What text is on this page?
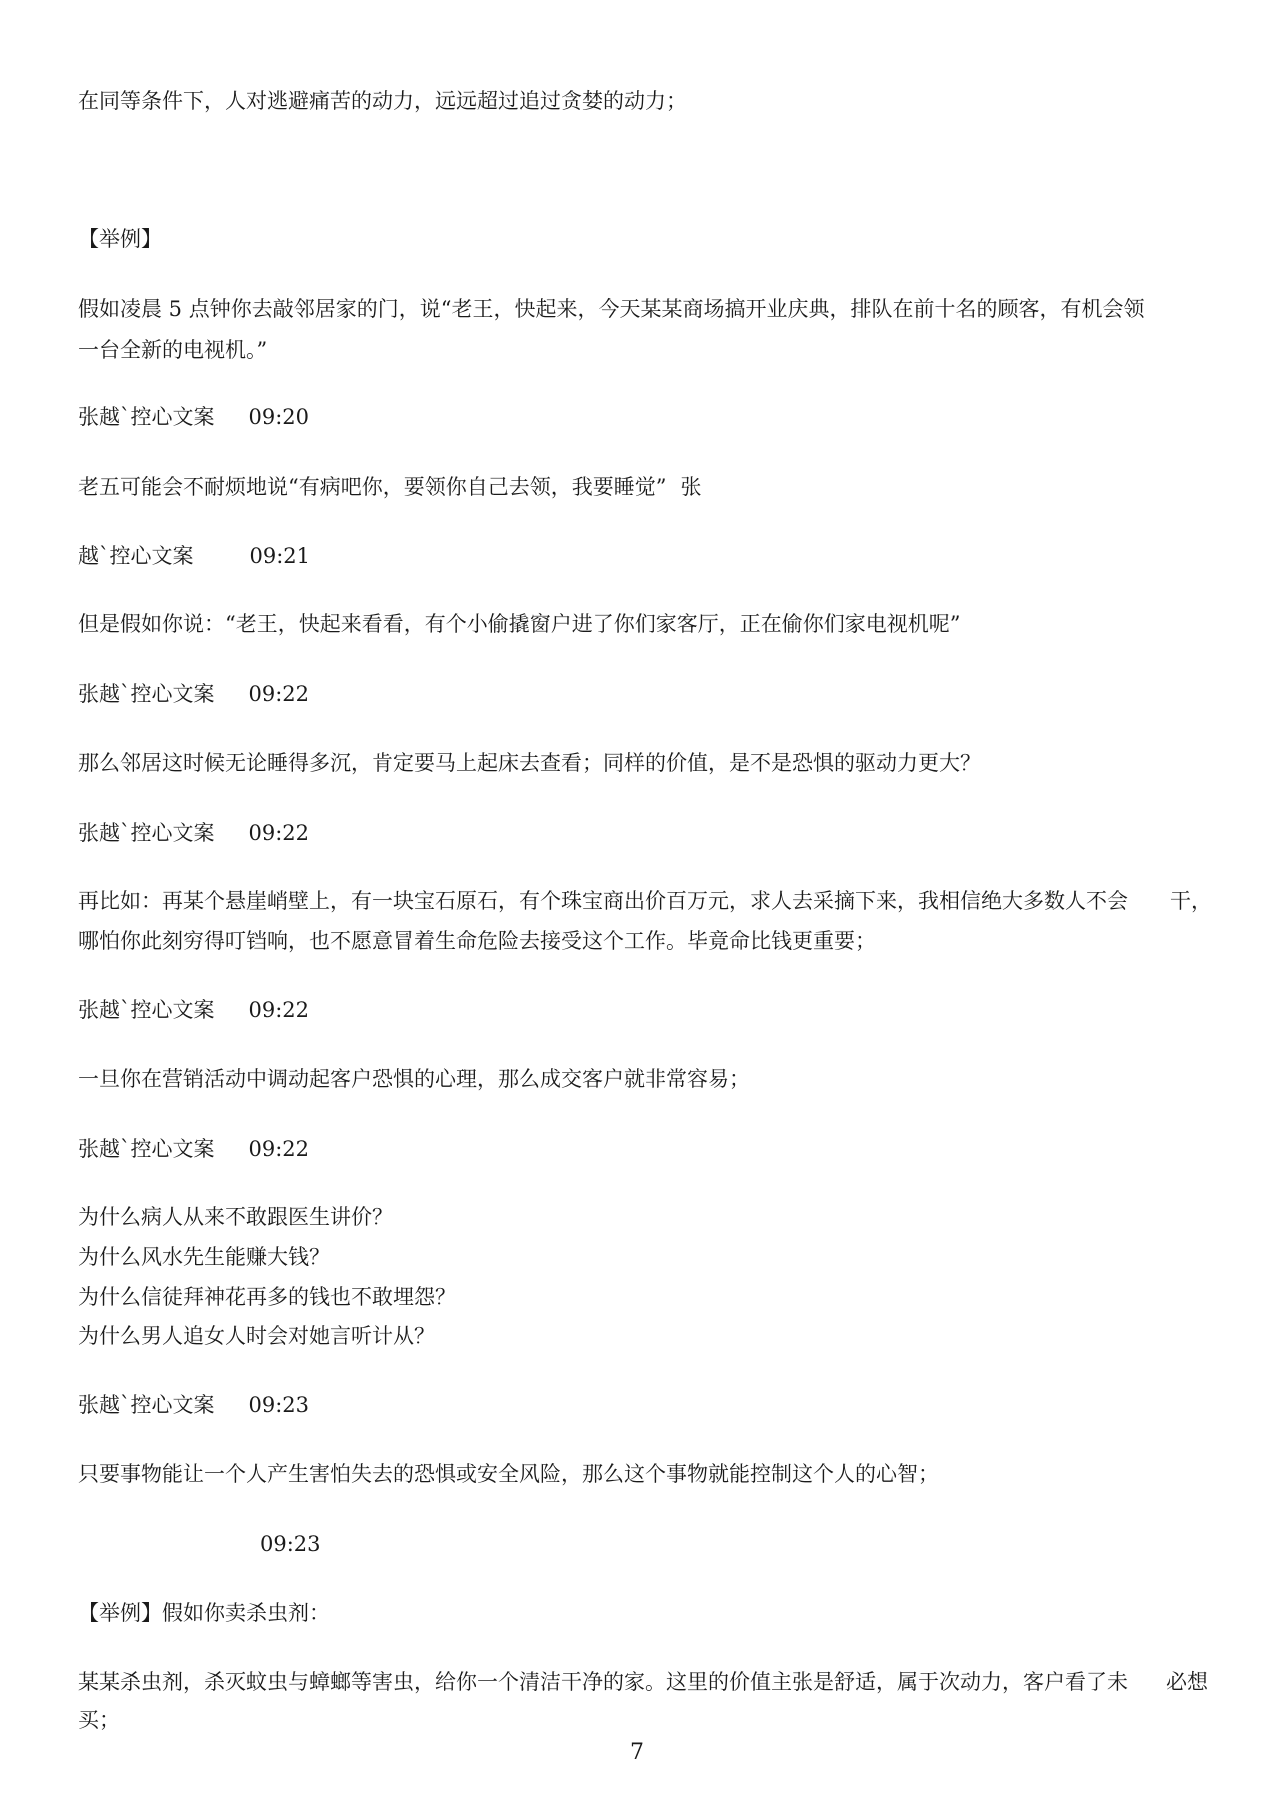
在同等条件下，人对逃避痛苦的动力，远远超过追过贪婪的动力；

【举例】

假如凌晨 5 点钟你去敲邻居家的门，说“老王，快起来，今天某某商场搞开业庆典，排队在前十名的顾客，有机会领

一台全新的电视机。”

张越`控心文案 09:20

老五可能会不耐烦地说“有病吧你，要领你自己去领，我要睡觉” 张

越`控心文案	09:21

但是假如你说：“老王，快起来看看，有个小偷撬窗户进了你们家客厅，正在偷你们家电视机呢”

张越`控心文案 09:22

那么邻居这时候无论睡得多沉，肯定要马上起床去查看；同样的价值，是不是恐惧的驱动力更大？

张越`控心文案 09:22

再比如：再某个悬崖峭壁上，有一块宝石原石，有个珠宝商出价百万元，求人去采摘下来，我相信绝大多数人不会 干，

哪怕你此刻穷得叮铛响，也不愿意冒着生命危险去接受这个工作。毕竟命比钱更重要；

张越`控心文案 09:22

一旦你在营销活动中调动起客户恐惧的心理，那么成交客户就非常容易；

张越`控心文案 09:22

为什么病人从来不敢跟医生讲价？

为什么风水先生能赚大钱？

为什么信徒拜神花再多的钱也不敢埋怨？

为什么男人追女人时会对她言听计从？

张越`控心文案 09:23

只要事物能让一个人产生害怕失去的恐惧或安全风险，那么这个事物就能控制这个人的心智；

09:23

【举例】假如你卖杀虫剂：

某某杀虫剂，杀灭蚊虫与蟑螂等害虫，给你一个清洁干净的家。这里的价值主张是舒适，属于次动力，客户看了未 必想

买；

7
